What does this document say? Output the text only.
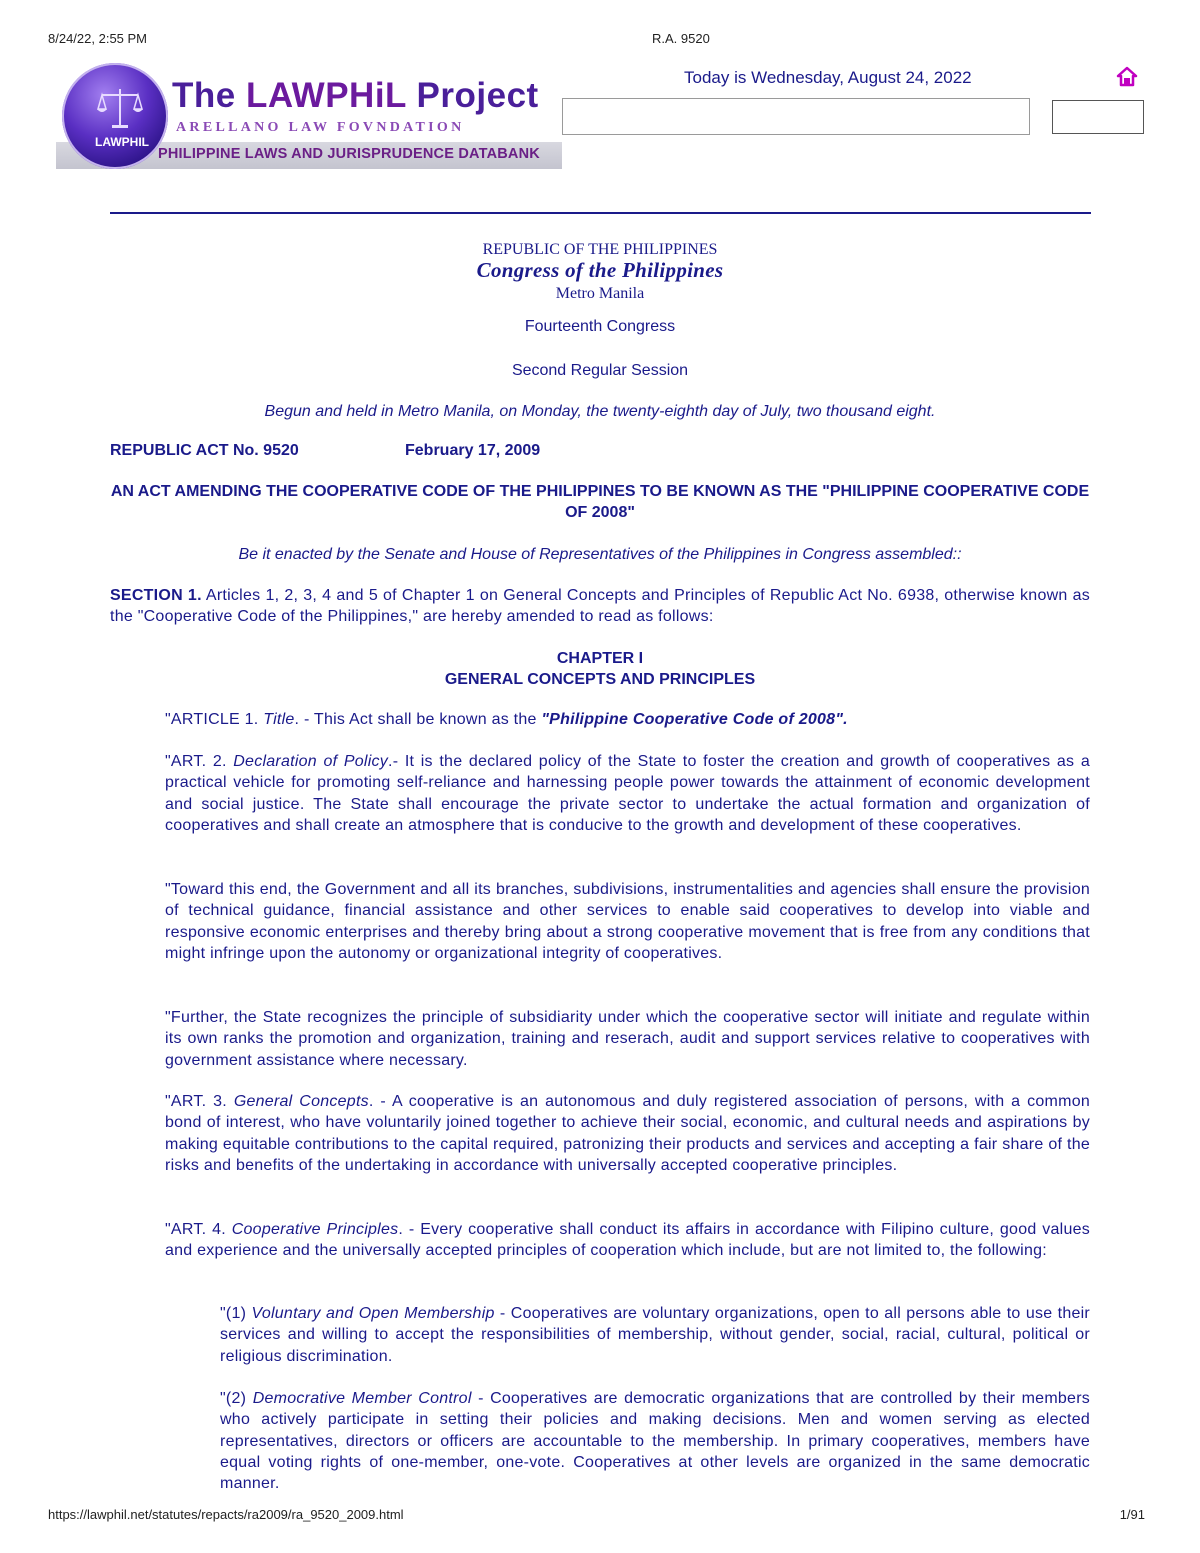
8/24/22, 2:55 PM	R.A. 9520
PHILIPPINE LAWS AND JURISPRUDENCE DATABANK
LAWPHIL
The LAWPHiL Project
ARELLANO LAW FOVNDATION
Today is Wednesday, August 24, 2022
REPUBLIC OF THE PHILIPPINES
Congress of the Philippines
Metro Manila
Fourteenth Congress
Second Regular Session
Begun and held in Metro Manila, on Monday, the twenty-eighth day of July, two thousand eight.
REPUBLIC ACT No. 9520	February 17, 2009
AN ACT AMENDING THE COOPERATIVE CODE OF THE PHILIPPINES TO BE KNOWN AS THE "PHILIPPINE COOPERATIVE CODE OF 2008"
Be it enacted by the Senate and House of Representatives of the Philippines in Congress assembled::
SECTION 1. Articles 1, 2, 3, 4 and 5 of Chapter 1 on General Concepts and Principles of Republic Act No. 6938, otherwise known as the "Cooperative Code of the Philippines," are hereby amended to read as follows:
CHAPTER I
GENERAL CONCEPTS AND PRINCIPLES
"ARTICLE 1. Title. - This Act shall be known as the "Philippine Cooperative Code of 2008".
"ART. 2. Declaration of Policy.- It is the declared policy of the State to foster the creation and growth of cooperatives as a practical vehicle for promoting self-reliance and harnessing people power towards the attainment of economic development and social justice. The State shall encourage the private sector to undertake the actual formation and organization of cooperatives and shall create an atmosphere that is conducive to the growth and development of these cooperatives.
"Toward this end, the Government and all its branches, subdivisions, instrumentalities and agencies shall ensure the provision of technical guidance, financial assistance and other services to enable said cooperatives to develop into viable and responsive economic enterprises and thereby bring about a strong cooperative movement that is free from any conditions that might infringe upon the autonomy or organizational integrity of cooperatives.
"Further, the State recognizes the principle of subsidiarity under which the cooperative sector will initiate and regulate within its own ranks the promotion and organization, training and reserach, audit and support services relative to cooperatives with government assistance where necessary.
"ART. 3. General Concepts. - A cooperative is an autonomous and duly registered association of persons, with a common bond of interest, who have voluntarily joined together to achieve their social, economic, and cultural needs and aspirations by making equitable contributions to the capital required, patronizing their products and services and accepting a fair share of the risks and benefits of the undertaking in accordance with universally accepted cooperative principles.
"ART. 4. Cooperative Principles. - Every cooperative shall conduct its affairs in accordance with Filipino culture, good values and experience and the universally accepted principles of cooperation which include, but are not limited to, the following:
"(1) Voluntary and Open Membership - Cooperatives are voluntary organizations, open to all persons able to use their services and willing to accept the responsibilities of membership, without gender, social, racial, cultural, political or religious discrimination.
"(2) Democrative Member Control - Cooperatives are democratic organizations that are controlled by their members who actively participate in setting their policies and making decisions. Men and women serving as elected representatives, directors or officers are accountable to the membership. In primary cooperatives, members have equal voting rights of one-member, one-vote. Cooperatives at other levels are organized in the same democratic manner.
https://lawphil.net/statutes/repacts/ra2009/ra_9520_2009.html	1/91
